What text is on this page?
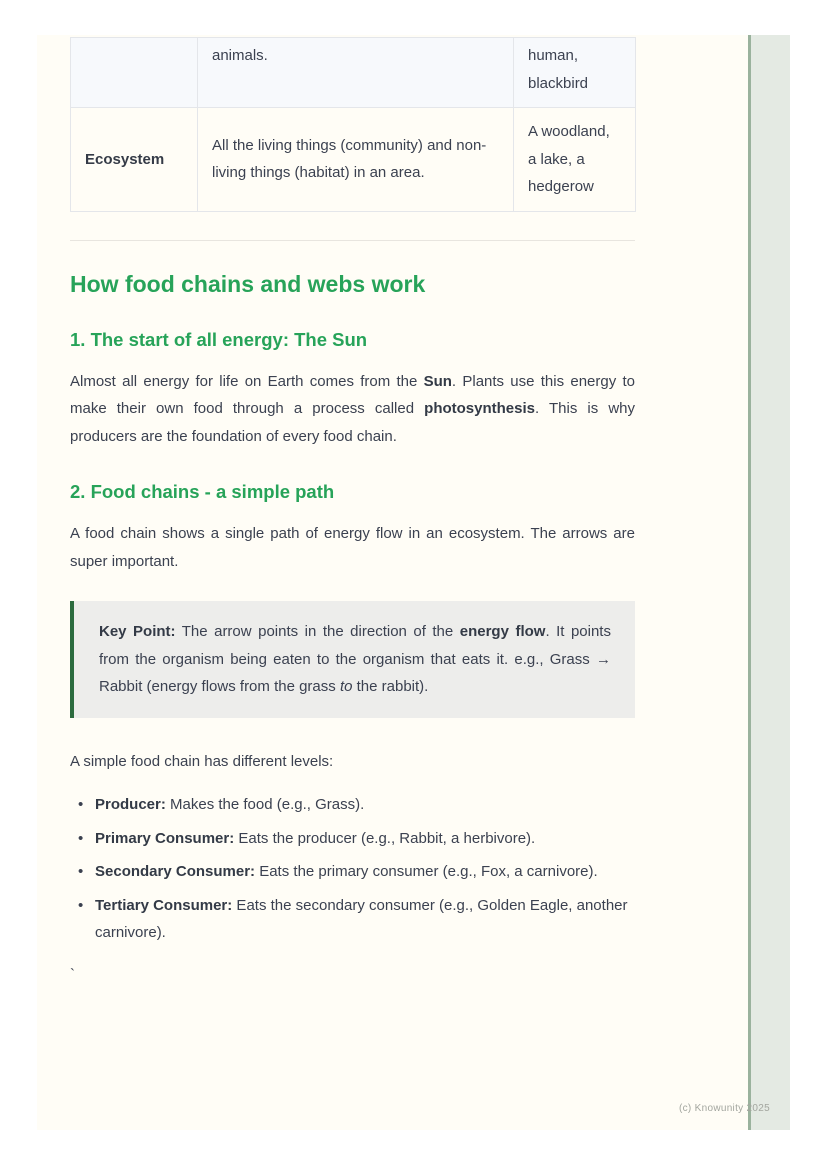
	animals.	human, blackbird
Ecosystem	All the living things (community) and non-living things (habitat) in an area.	A woodland, a lake, a hedgerow
How food chains and webs work
1. The start of all energy: The Sun

Almost all energy for life on Earth comes from the Sun. Plants use this energy to make their own food through a process called photosynthesis. This is why producers are the foundation of every food chain.

2. Food chains - a simple path

A food chain shows a single path of energy flow in an ecosystem. The arrows are super important.

Key Point: The arrow points in the direction of the energy flow. It points from the organism being eaten to the organism that eats it. e.g., Grass → Rabbit (energy flows from the grass to the rabbit).

A simple food chain has different levels:

• Producer: Makes the food (e.g., Grass).
• Primary Consumer: Eats the producer (e.g., Rabbit, a herbivore).
• Secondary Consumer: Eats the primary consumer (e.g., Fox, a carnivore).
• Tertiary Consumer: Eats the secondary consumer (e.g., Golden Eagle, another carnivore).

`

(c) Knowunity 2025
